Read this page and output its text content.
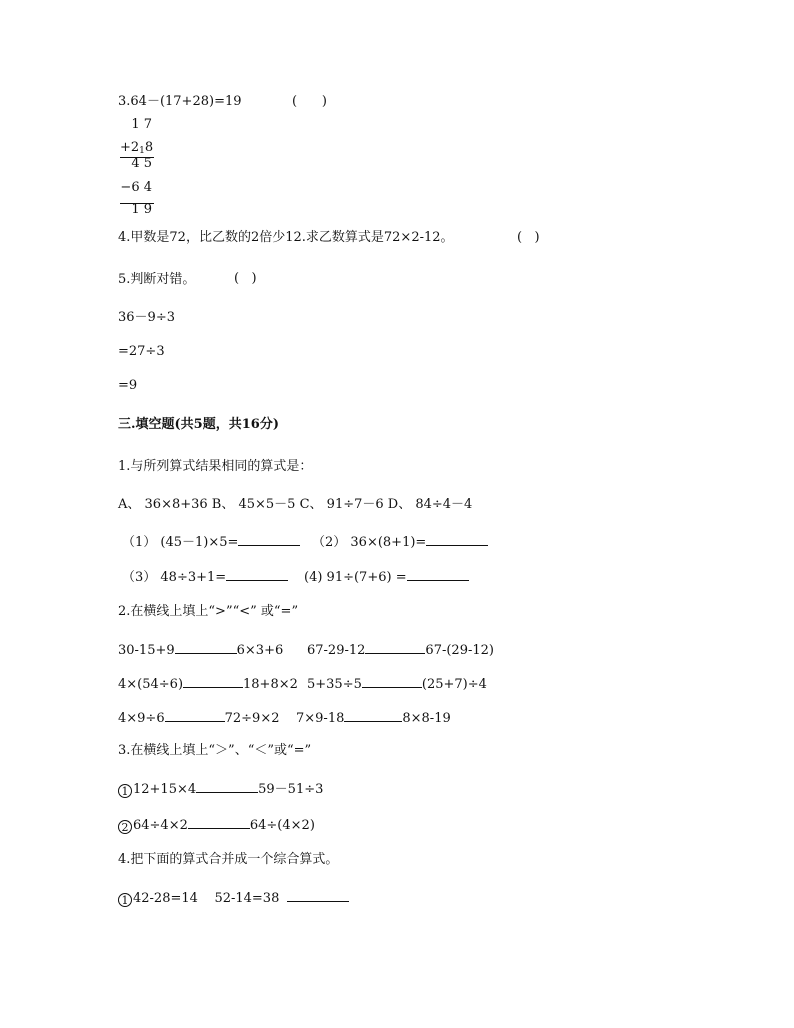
3.64－(17+28)=19	(      )
1 7
+218
4 5
−6 4
1 9
4.甲数是72，比乙数的2倍少12.求乙数算式是72×2-12。	(   )
5.判断对错。	(   )
36－9÷3
=27÷3
=9
三.填空题(共5题，共16分)
1.与所列算式结果相同的算式是：
A、 36×8+36 B、 45×5－5 C、 91÷7－6 D、 84÷4－4
（1） (45－1)×5=	（2） 36×(8+1)=
（3） 48÷3+1=	(4) 91÷(7+6) =
2.在横线上填上“>”“<” 或“=”
30-15+9	6×3+6 67-29-12	67-(29-12)
4×(54÷6)	18+8×2 5+35÷5	(25+7)÷4
4×9÷6	72÷9×2 7×9-18	8×8-19
3.在横线上填上“＞”、“＜”或“=”
1 12+15×4	59－51÷3
2 64÷4×2	64÷(4×2)
4.把下面的算式合并成一个综合算式。
1 42-28=14    52-14=38
